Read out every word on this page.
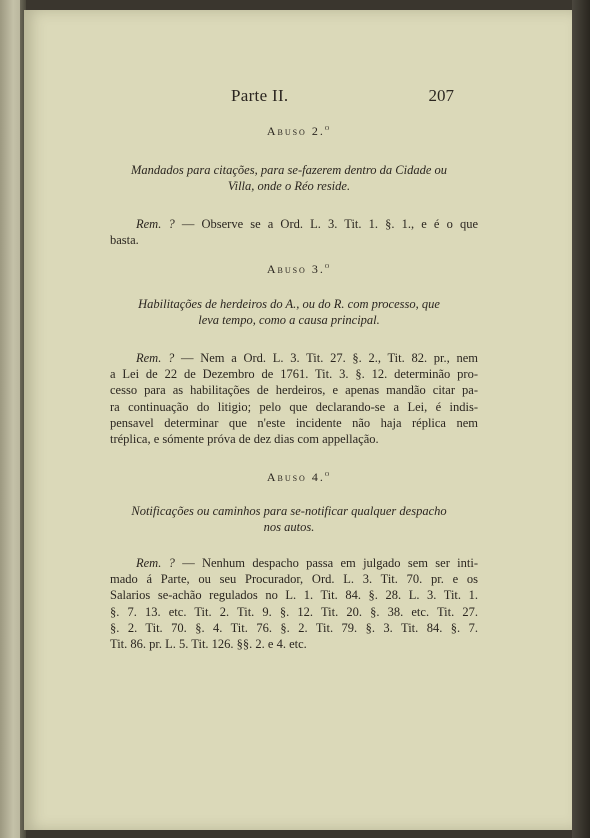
Parte II.	207
Abuso 2.$^o$
Mandados para citações, para se-fazerem dentro da Cidade ou
Villa, onde o Réo reside.
Rem. ? — Observe se a Ord. L. 3. Tit. 1. §. 1., e é o que
basta.
Abuso 3.$^o$
Habilitações de herdeiros do A., ou do R. com processo, que
leva tempo, como a causa principal.
Rem. ? — Nem a Ord. L. 3. Tit. 27. §. 2., Tit. 82. pr., nem
a Lei de 22 de Dezembro de 1761. Tit. 3. §. 12. determinão pro-
cesso para as habilitações de herdeiros, e apenas mandão citar pa-
ra continuação do litigio; pelo que declarando-se a Lei, é indis-
pensavel determinar que n'este incidente não haja réplica nem
tréplica, e sómente próva de dez dias com appellação.
Abuso 4.$^o$
Notificações ou caminhos para se-notificar qualquer despacho
nos autos.
Rem. ? — Nenhum despacho passa em julgado sem ser inti-
mado á Parte, ou seu Procurador, Ord. L. 3. Tit. 70. pr. e os
Salarios se-achão regulados no L. 1. Tit. 84. §. 28. L. 3. Tit. 1.
§. 7. 13. etc. Tit. 2. Tit. 9. §. 12. Tit. 20. §. 38. etc. Tit. 27.
§. 2. Tit. 70. §. 4. Tit. 76. §. 2. Tit. 79. §. 3. Tit. 84. §. 7.
Tit. 86. pr. L. 5. Tit. 126. §§. 2. e 4. etc.
